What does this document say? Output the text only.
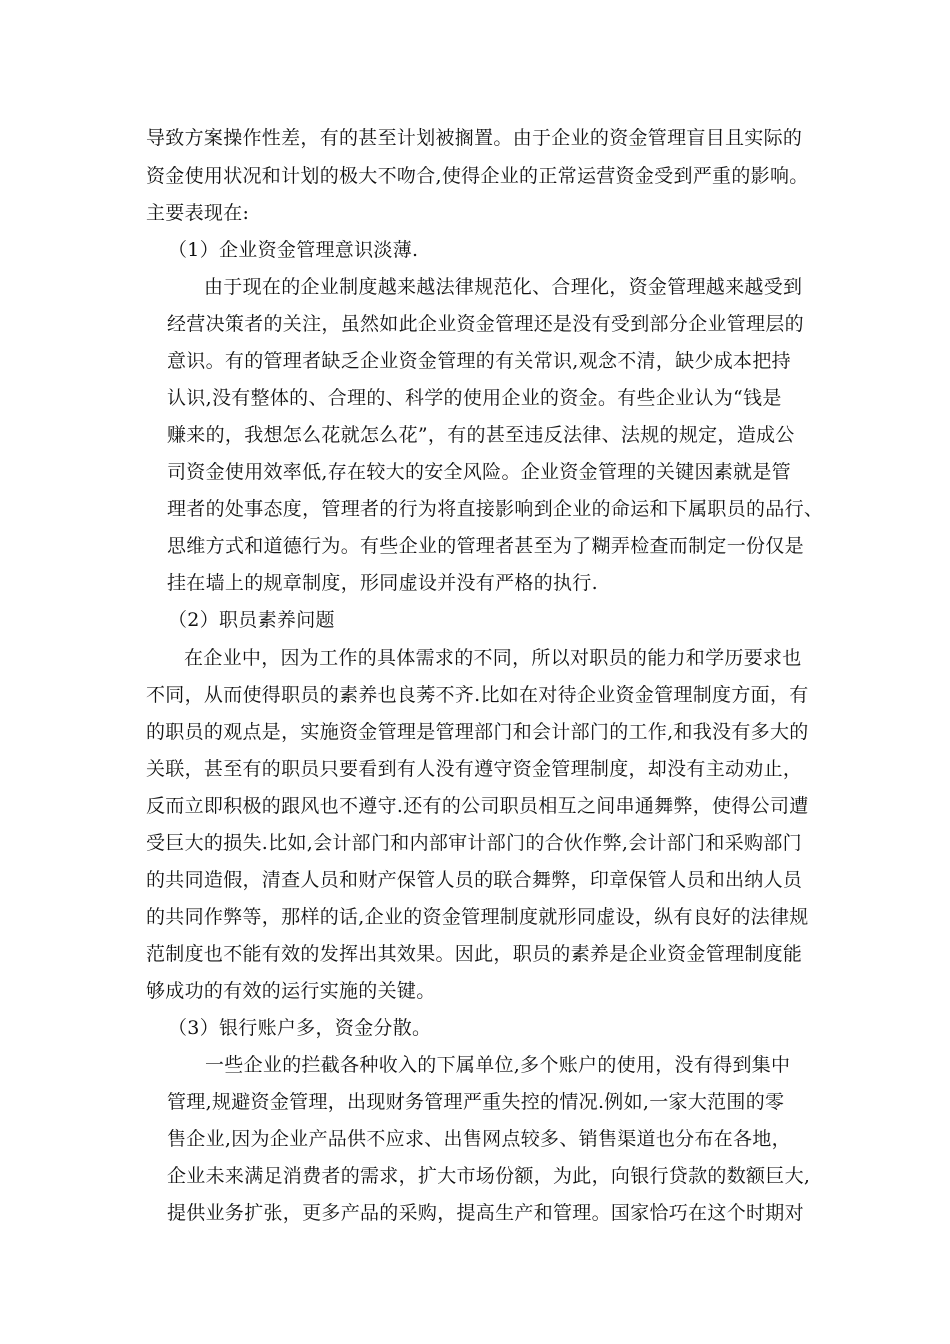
导致方案操作性差，有的甚至计划被搁置。由于企业的资金管理盲目且实际的
资金使用状况和计划的极大不吻合,使得企业的正常运营资金受到严重的影响。
主要表现在:
（1）企业资金管理意识淡薄.
由于现在的企业制度越来越法律规范化、合理化，资金管理越来越受到
经营决策者的关注，虽然如此企业资金管理还是没有受到部分企业管理层的
意识。有的管理者缺乏企业资金管理的有关常识,观念不清，缺少成本把持
认识,没有整体的、合理的、科学的使用企业的资金。有些企业认为“钱是
赚来的，我想怎么花就怎么花”，有的甚至违反法律、法规的规定，造成公
司资金使用效率低,存在较大的安全风险。企业资金管理的关键因素就是管
理者的处事态度，管理者的行为将直接影响到企业的命运和下属职员的品行、
思维方式和道德行为。有些企业的管理者甚至为了糊弄检查而制定一份仅是
挂在墙上的规章制度，形同虚设并没有严格的执行.
（2）职员素养问题
在企业中，因为工作的具体需求的不同，所以对职员的能力和学历要求也
不同，从而使得职员的素养也良莠不齐.比如在对待企业资金管理制度方面，有
的职员的观点是，实施资金管理是管理部门和会计部门的工作,和我没有多大的
关联，甚至有的职员只要看到有人没有遵守资金管理制度，却没有主动劝止，
反而立即积极的跟风也不遵守.还有的公司职员相互之间串通舞弊，使得公司遭
受巨大的损失.比如,会计部门和内部审计部门的合伙作弊,会计部门和采购部门
的共同造假，清查人员和财产保管人员的联合舞弊，印章保管人员和出纳人员
的共同作弊等，那样的话,企业的资金管理制度就形同虚设，纵有良好的法律规
范制度也不能有效的发挥出其效果。因此，职员的素养是企业资金管理制度能
够成功的有效的运行实施的关键。
（3）银行账户多，资金分散。
一些企业的拦截各种收入的下属单位,多个账户的使用，没有得到集中
管理,规避资金管理，出现财务管理严重失控的情况.例如,一家大范围的零
售企业,因为企业产品供不应求、出售网点较多、销售渠道也分布在各地，
企业未来满足消费者的需求，扩大市场份额，为此，向银行贷款的数额巨大,
提供业务扩张，更多产品的采购，提高生产和管理。国家恰巧在这个时期对
